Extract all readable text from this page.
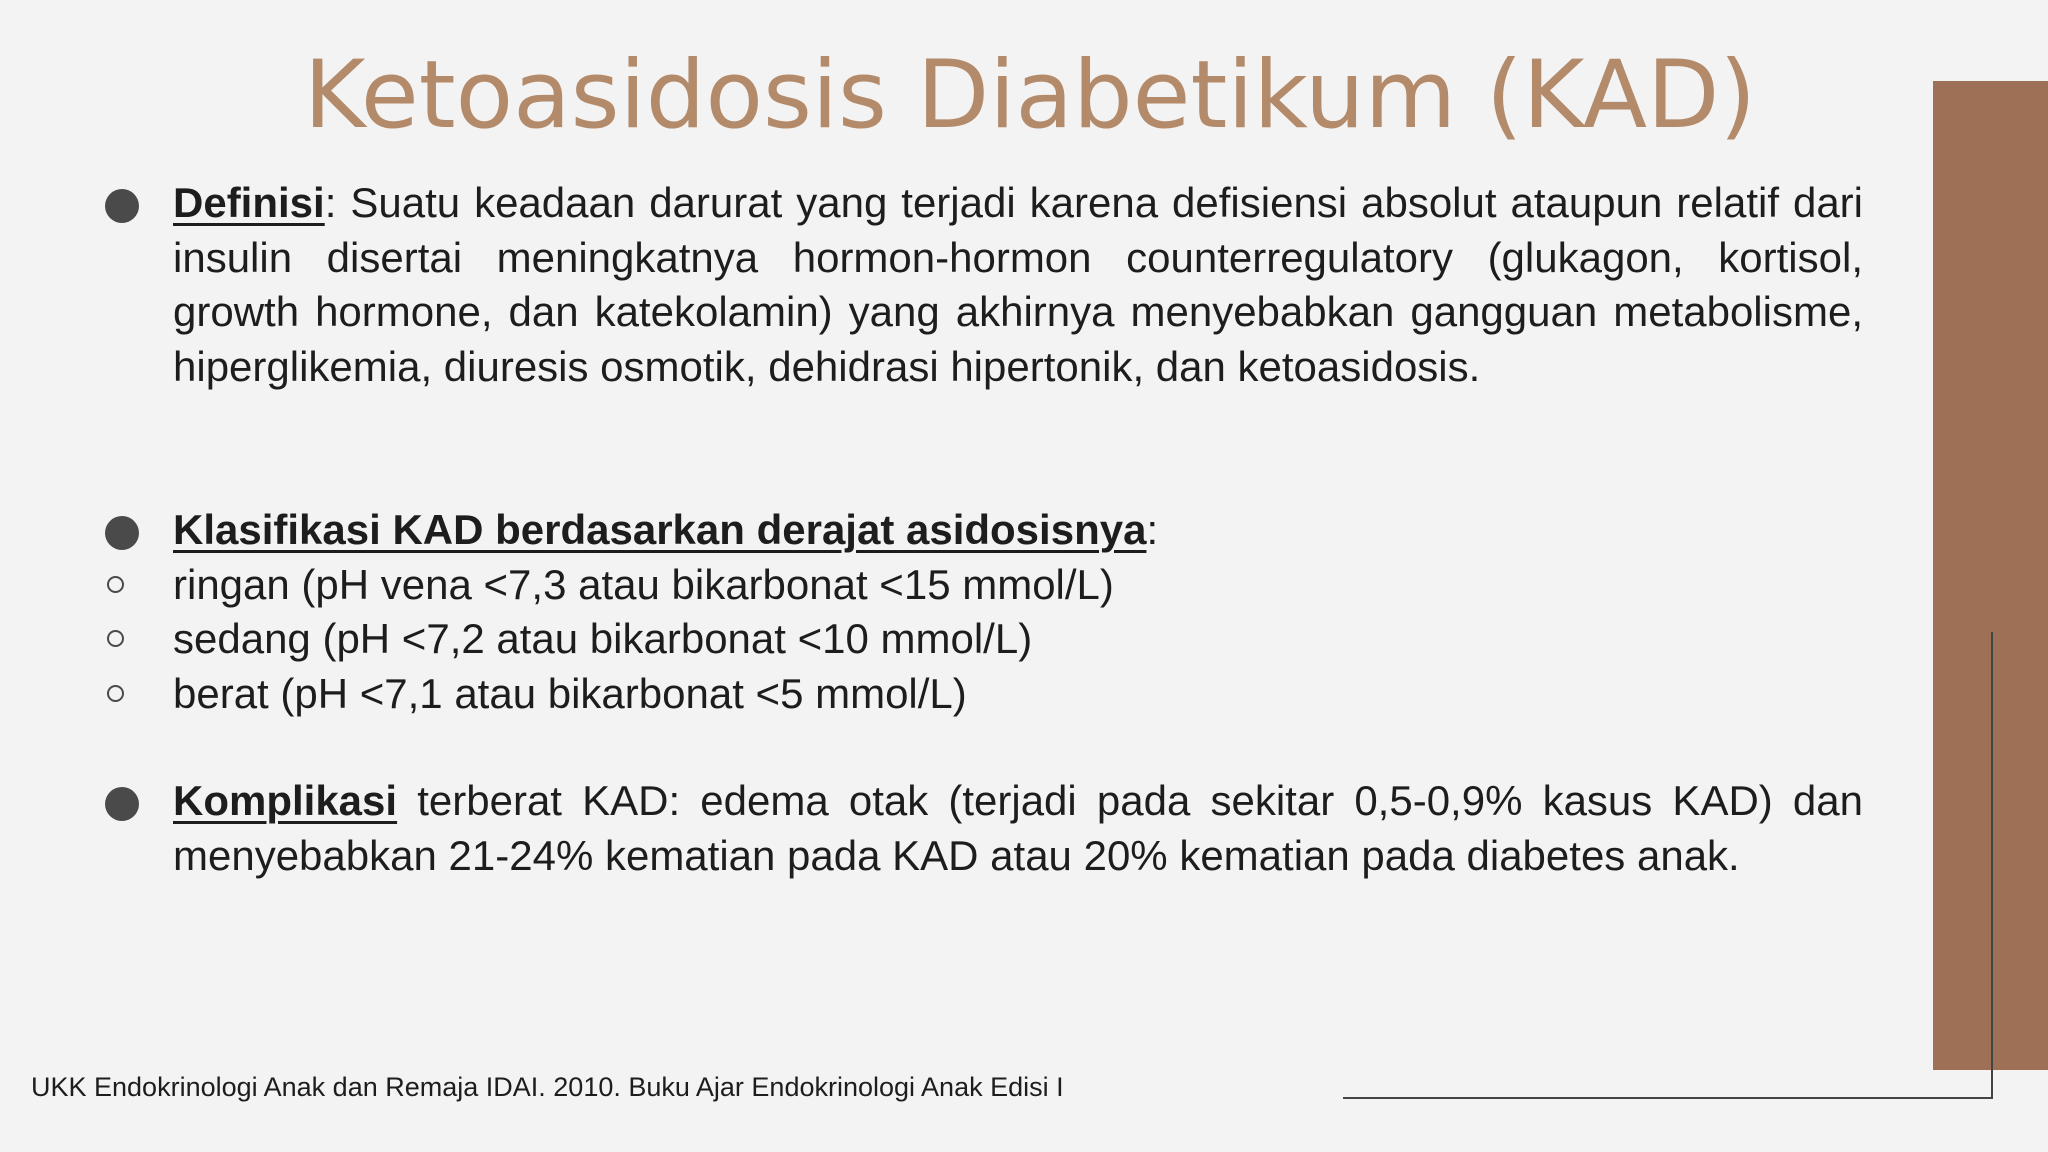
Ketoasidosis Diabetikum (KAD)

Definisi: Suatu keadaan darurat yang terjadi karena defisiensi absolut ataupun relatif dari insulin disertai meningkatnya hormon-hormon counterregulatory (glukagon, kortisol, growth hormone, dan katekolamin) yang akhirnya menyebabkan gangguan metabolisme, hiperglikemia, diuresis osmotik, dehidrasi hipertonik, dan ketoasidosis.

Klasifikasi KAD berdasarkan derajat asidosisnya:

ringan (pH vena <7,3 atau bikarbonat <15 mmol/L)

sedang (pH <7,2 atau bikarbonat <10 mmol/L)

berat (pH <7,1 atau bikarbonat <5 mmol/L)

Komplikasi terberat KAD: edema otak (terjadi pada sekitar 0,5-0,9% kasus KAD) dan menyebabkan 21-24% kematian pada KAD atau 20% kematian pada diabetes anak.

UKK Endokrinologi Anak dan Remaja IDAI. 2010. Buku Ajar Endokrinologi Anak Edisi I
